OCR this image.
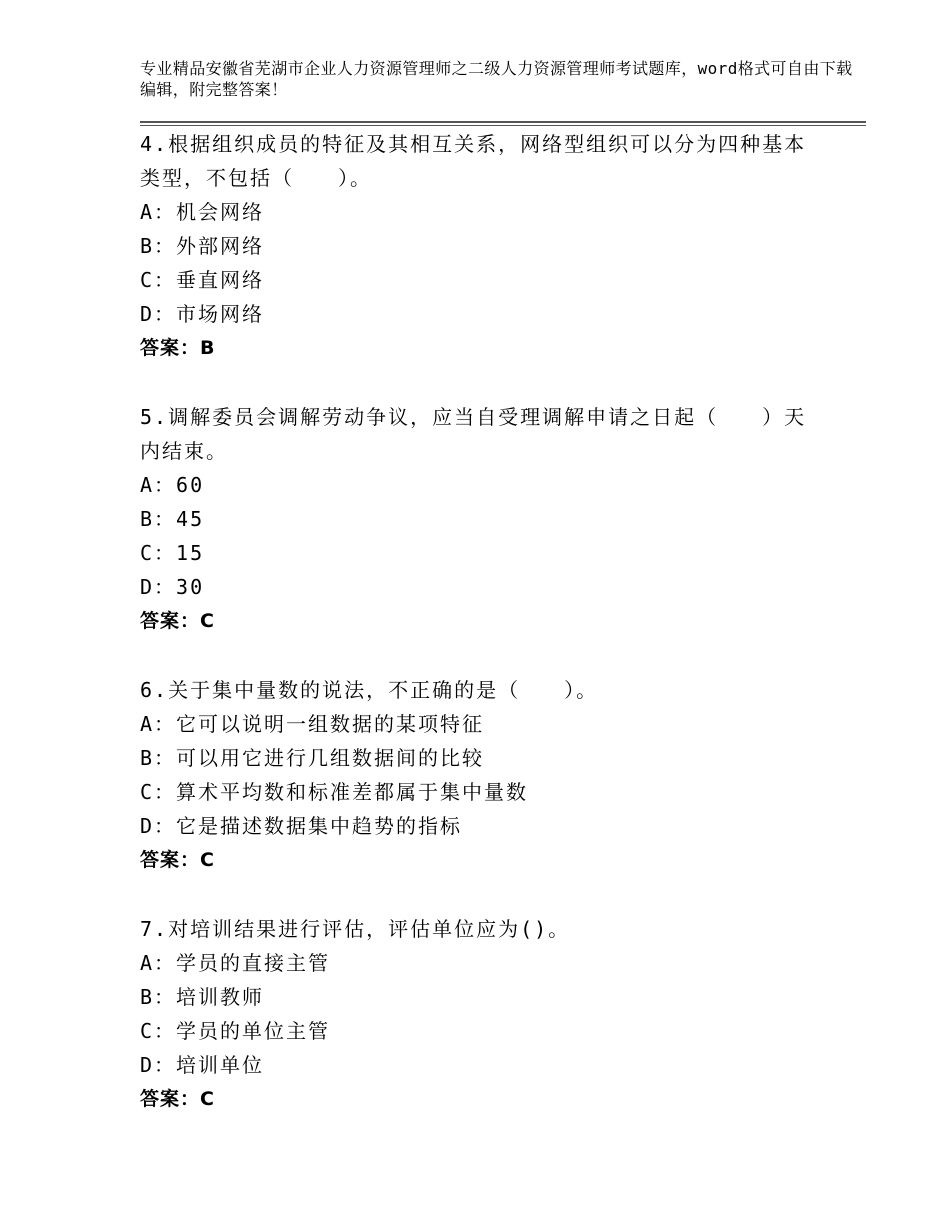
专业精品安徽省芜湖市企业人力资源管理师之二级人力资源管理师考试题库，word格式可自由下载编辑，附完整答案！

4.根据组织成员的特征及其相互关系，网络型组织可以分为四种基本类型，不包括（　　）。

A：机会网络
B：外部网络
C：垂直网络
D：市场网络
答案：B

5.调解委员会调解劳动争议，应当自受理调解申请之日起（　　）天内结束。

A：60
B：45
C：15
D：30
答案：C

6.关于集中量数的说法，不正确的是（　　）。

A：它可以说明一组数据的某项特征
B：可以用它进行几组数据间的比较
C：算术平均数和标准差都属于集中量数
D：它是描述数据集中趋势的指标
答案：C

7.对培训结果进行评估，评估单位应为()。

A：学员的直接主管
B：培训教师
C：学员的单位主管
D：培训单位
答案：C
